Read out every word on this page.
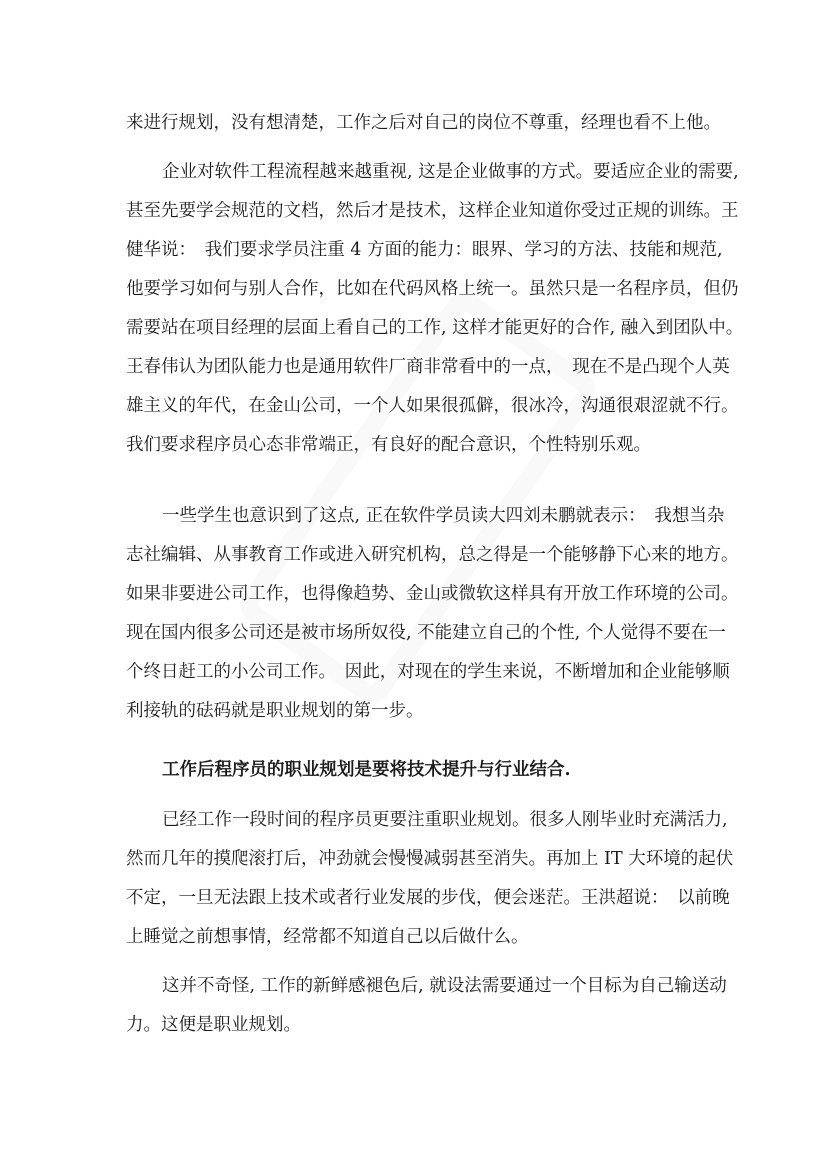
来进行规划，没有想清楚，工作之后对自己的岗位不尊重，经理也看不上他。
企业对软件工程流程越来越重视, 这是企业做事的方式。要适应企业的需要,
甚至先要学会规范的文档，然后才是技术，这样企业知道你受过正规的训练。王
健华说：　我们要求学员注重 4 方面的能力：眼界、学习的方法、技能和规范,
他要学习如何与别人合作，比如在代码风格上统一。虽然只是一名程序员，但仍
需要站在项目经理的层面上看自己的工作, 这样才能更好的合作, 融入到团队中。
王春伟认为团队能力也是通用软件厂商非常看中的一点，　现在不是凸现个人英
雄主义的年代，在金山公司，一个人如果很孤僻，很冰冷，沟通很艰涩就不行。
我们要求程序员心态非常端正，有良好的配合意识，个性特别乐观。
一些学生也意识到了这点, 正在软件学员读大四刘未鹏就表示：　我想当杂
志社编辑、从事教育工作或进入研究机构，总之得是一个能够静下心来的地方。
如果非要进公司工作，也得像趋势、金山或微软这样具有开放工作环境的公司。
现在国内很多公司还是被市场所奴役, 不能建立自己的个性, 个人觉得不要在一
个终日赶工的小公司工作。　因此，对现在的学生来说，不断增加和企业能够顺
利接轨的砝码就是职业规划的第一步。
工作后程序员的职业规划是要将技术提升与行业结合.
已经工作一段时间的程序员更要注重职业规划。很多人刚毕业时充满活力,
然而几年的摸爬滚打后，冲劲就会慢慢减弱甚至消失。再加上 IT 大环境的起伏
不定，一旦无法跟上技术或者行业发展的步伐，便会迷茫。王洪超说：　以前晚
上睡觉之前想事情，经常都不知道自己以后做什么。
这并不奇怪, 工作的新鲜感褪色后, 就设法需要通过一个目标为自己输送动
力。这便是职业规划。
